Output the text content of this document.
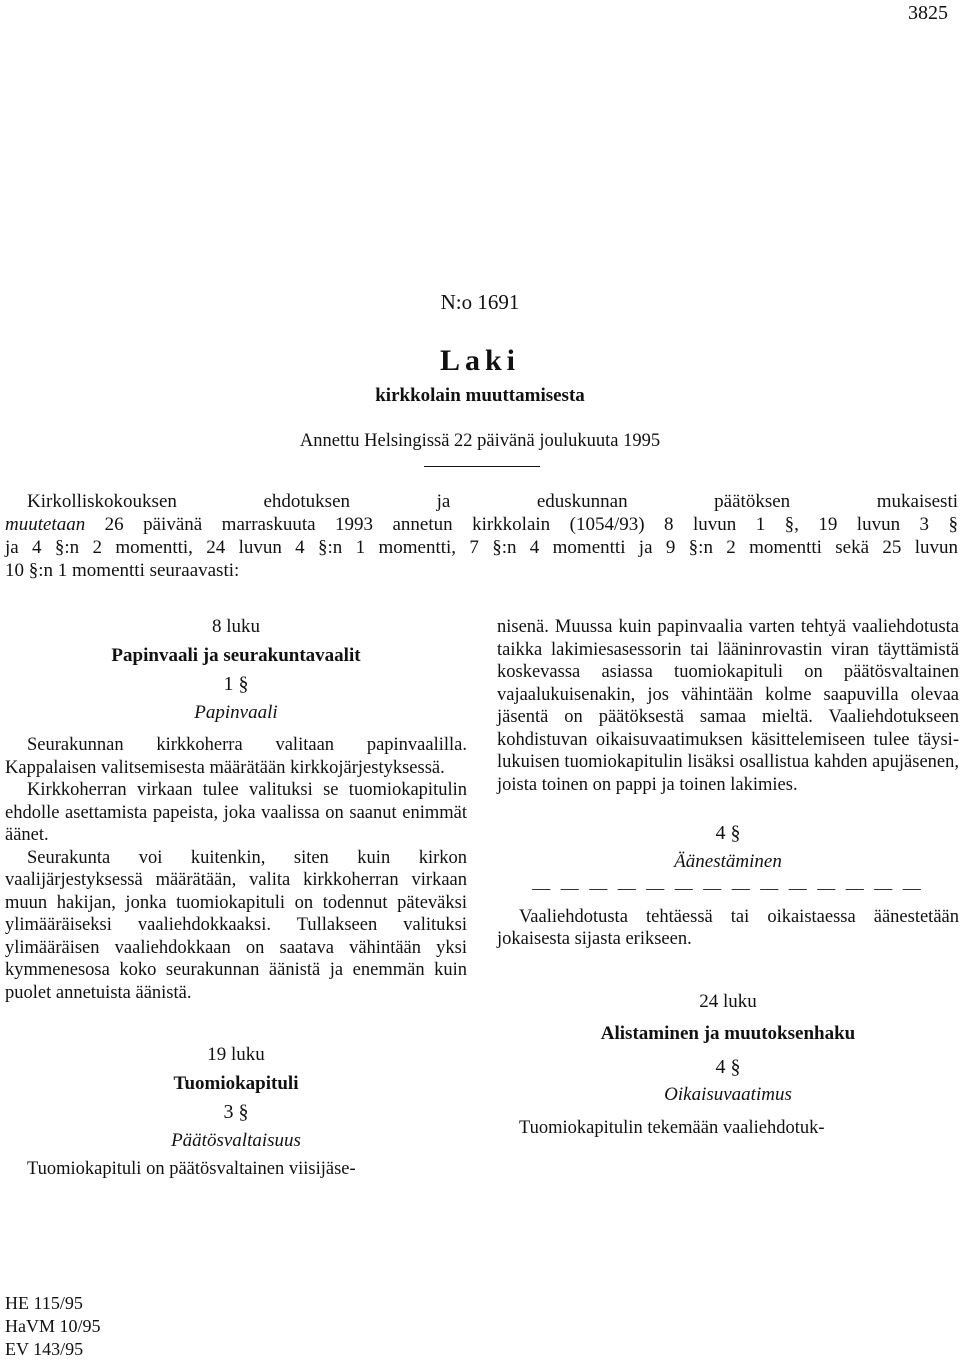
3825
N:o 1691
Laki
kirkkolain muuttamisesta
Annettu Helsingissä 22 päivänä joulukuuta 1995
Kirkolliskokouksen ehdotuksen ja eduskunnan päätöksen mukaisesti
muutetaan 26 päivänä marraskuuta 1993 annetun kirkkolain (1054/93) 8 luvun 1 §, 19 luvun 3 §
ja 4 §:n 2 momentti, 24 luvun 4 §:n 1 momentti, 7 §:n 4 momentti ja 9 §:n 2 momentti sekä 25 luvun
10 §:n 1 momentti seuraavasti:
8 luku
Papinvaali ja seurakuntavaalit
1 §
Papinvaali

Seurakunnan kirkkoherra valitaan papinvaalilla. Kappalaisen valitsemisesta määrätään kirkkojärjestyksessä.

Kirkkoherran virkaan tulee valituksi se tuomiokapitulin ehdolle asettamista papeista, joka vaalissa on saanut enimmät äänet.

Seurakunta voi kuitenkin, siten kuin kirkon vaalijärjestyksessä määrätään, valita kirkkoherran virkaan muun hakijan, jonka tuomiokapituli on todennut päteväksi ylimääräiseksi vaaliehdokkaaksi. Tullakseen valituksi ylimääräisen vaaliehdokkaan on saatava vähintään yksi kymmenesosa koko seurakunnan äänistä ja enemmän kuin puolet annetuista äänistä.

19 luku
Tuomiokapituli
3 §
Päätösvaltaisuus

Tuomiokapituli on päätösvaltainen viisijäse-

nisenä. Muussa kuin papinvaalia varten tehtyä vaaliehdotusta taikka lakimiesasessorin tai lääninrovastin viran täyttämistä koskevassa asiassa tuomiokapituli on päätösvaltainen vajaalukuisenakin, jos vähintään kolme saapuvilla olevaa jäsentä on päätöksestä samaa mieltä. Vaaliehdotukseen kohdistuvan oikaisuvaatimuksen käsittelemiseen tulee täysilukuisen tuomiokapitulin lisäksi osallistua kahden apujäsenen, joista toinen on pappi ja toinen lakimies.

4 §
Äänestäminen
— — — — — — — — — — — — — —

Vaaliehdotusta tehtäessä tai oikaistaessa äänestetään jokaisesta sijasta erikseen.

24 luku
Alistaminen ja muutoksenhaku
4 §
Oikaisuvaatimus

Tuomiokapitulin tekemään vaaliehdotuk-

HE 115/95
HaVM 10/95
EV 143/95
